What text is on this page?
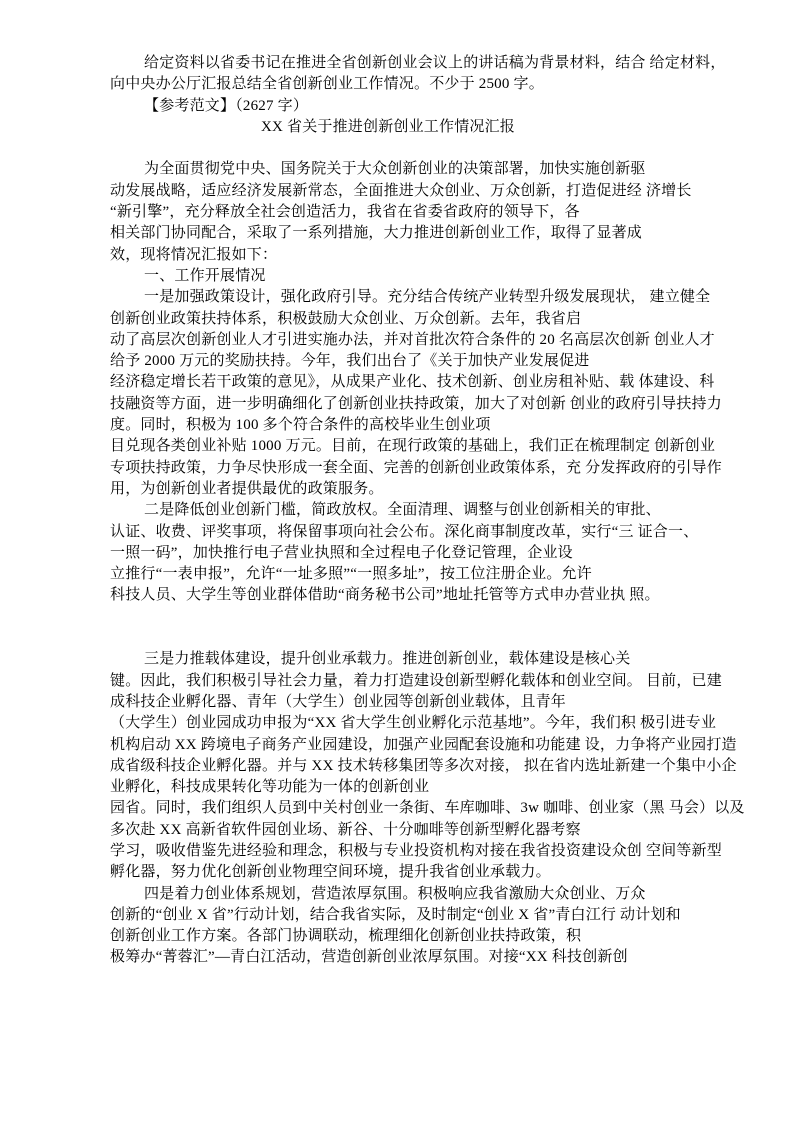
给定资料以省委书记在推进全省创新创业会议上的讲话稿为背景材料，结合 给定材料，
向中央办公厅汇报总结全省创新创业工作情况。不少于 2500 字。
【参考范文】（2627 字）
XX 省关于推进创新创业工作情况汇报
为全面贯彻党中央、国务院关于大众创新创业的决策部署，加快实施创新驱
动发展战略，适应经济发展新常态，全面推进大众创业、万众创新，打造促进经 济增长
“新引擎”，充分释放全社会创造活力，我省在省委省政府的领导下，各
相关部门协同配合，采取了一系列措施，大力推进创新创业工作，取得了显著成
效，现将情况汇报如下：
一、工作开展情况
一是加强政策设计，强化政府引导。充分结合传统产业转型升级发展现状， 建立健全
创新创业政策扶持体系，积极鼓励大众创业、万众创新。去年，我省启
动了高层次创新创业人才引进实施办法，并对首批次符合条件的 20 名高层次创新 创业人才
给予 2000 万元的奖励扶持。今年，我们出台了《关于加快产业发展促进
经济稳定增长若干政策的意见》，从成果产业化、技术创新、创业房租补贴、载 体建设、科
技融资等方面，进一步明确细化了创新创业扶持政策，加大了对创新 创业的政府引导扶持力
度。同时，积极为 100 多个符合条件的高校毕业生创业项
目兑现各类创业补贴 1000 万元。目前，在现行政策的基础上，我们正在梳理制定 创新创业
专项扶持政策，力争尽快形成一套全面、完善的创新创业政策体系，充 分发挥政府的引导作
用，为创新创业者提供最优的政策服务。
二是降低创业创新门槛，简政放权。全面清理、调整与创业创新相关的审批、
认证、收费、评奖事项，将保留事项向社会公布。深化商事制度改革，实行“三 证合一、
一照一码”，加快推行电子营业执照和全过程电子化登记管理，企业设
立推行“一表申报”，允许“一址多照”“一照多址”，按工位注册企业。允许
科技人员、大学生等创业群体借助“商务秘书公司”地址托管等方式申办营业执 照。
三是力推载体建设，提升创业承载力。推进创新创业，载体建设是核心关
键。因此，我们积极引导社会力量，着力打造建设创新型孵化载体和创业空间。 目前，已建
成科技企业孵化器、青年（大学生）创业园等创新创业载体，且青年
（大学生）创业园成功申报为“XX 省大学生创业孵化示范基地”。今年，我们积 极引进专业
机构启动 XX 跨境电子商务产业园建设，加强产业园配套设施和功能建 设，力争将产业园打造
成省级科技企业孵化器。并与 XX 技术转移集团等多次对接， 拟在省内选址新建一个集中小企
业孵化，科技成果转化等功能为一体的创新创业
园省。同时，我们组织人员到中关村创业一条街、车库咖啡、3w 咖啡、创业家（黑 马会）以及
多次赴 XX 高新省软件园创业场、新谷、十分咖啡等创新型孵化器考察
学习，吸收借鉴先进经验和理念，积极与专业投资机构对接在我省投资建设众创 空间等新型
孵化器，努力优化创新创业物理空间环境，提升我省创业承载力。
四是着力创业体系规划，营造浓厚氛围。积极响应我省激励大众创业、万众
创新的“创业 X 省”行动计划，结合我省实际，及时制定“创业 X 省”青白江行 动计划和
创新创业工作方案。各部门协调联动，梳理细化创新创业扶持政策，积
极筹办“菁蓉汇”—青白江活动，营造创新创业浓厚氛围。对接“XX 科技创新创
